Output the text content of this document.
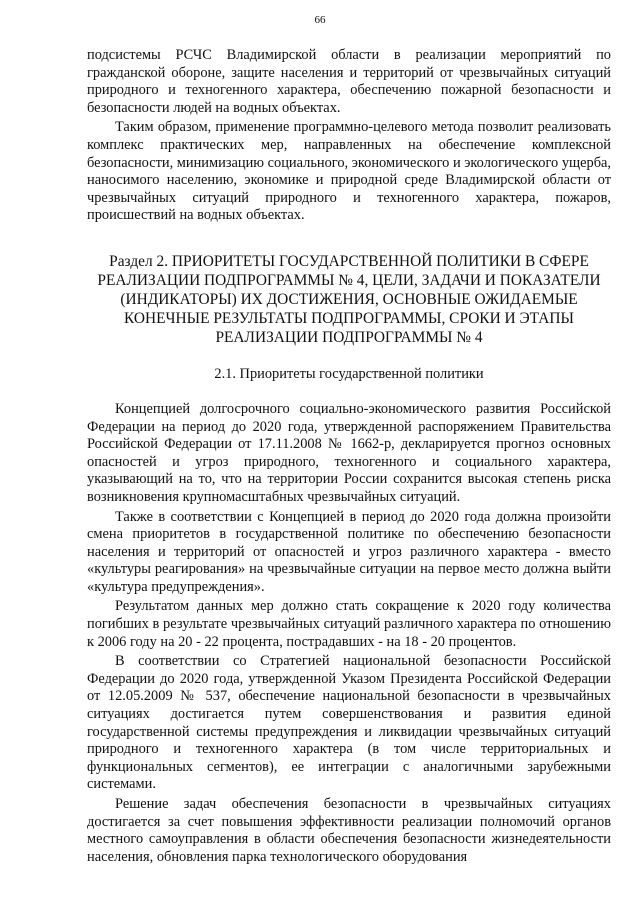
66

подсистемы РСЧС Владимирской области в реализации мероприятий по гражданской обороне, защите населения и территорий от чрезвычайных ситуаций природного и техногенного характера, обеспечению пожарной безопасности и безопасности людей на водных объектах.

Таким образом, применение программно-целевого метода позволит реализовать комплекс практических мер, направленных на обеспечение комплексной безопасности, минимизацию социального, экономического и экологического ущерба, наносимого населению, экономике и природной среде Владимирской области от чрезвычайных ситуаций природного и техногенного характера, пожаров, происшествий на водных объектах.

Раздел 2. ПРИОРИТЕТЫ ГОСУДАРСТВЕННОЙ ПОЛИТИКИ В СФЕРЕ РЕАЛИЗАЦИИ ПОДПРОГРАММЫ № 4, ЦЕЛИ, ЗАДАЧИ И ПОКАЗАТЕЛИ (ИНДИКАТОРЫ) ИХ ДОСТИЖЕНИЯ, ОСНОВНЫЕ ОЖИДАЕМЫЕ КОНЕЧНЫЕ РЕЗУЛЬТАТЫ ПОДПРОГРАММЫ, СРОКИ И ЭТАПЫ РЕАЛИЗАЦИИ ПОДПРОГРАММЫ № 4

2.1. Приоритеты государственной политики

Концепцией долгосрочного социально-экономического развития Российской Федерации на период до 2020 года, утвержденной распоряжением Правительства Российской Федерации от 17.11.2008 № 1662-р, декларируется прогноз основных опасностей и угроз природного, техногенного и социального характера, указывающий на то, что на территории России сохранится высокая степень риска возникновения крупномасштабных чрезвычайных ситуаций.

Также в соответствии с Концепцией в период до 2020 года должна произойти смена приоритетов в государственной политике по обеспечению безопасности населения и территорий от опасностей и угроз различного характера - вместо «культуры реагирования» на чрезвычайные ситуации на первое место должна выйти «культура предупреждения».

Результатом данных мер должно стать сокращение к 2020 году количества погибших в результате чрезвычайных ситуаций различного характера по отношению к 2006 году на 20 - 22 процента, пострадавших - на 18 - 20 процентов.

В соответствии со Стратегией национальной безопасности Российской Федерации до 2020 года, утвержденной Указом Президента Российской Федерации от 12.05.2009 № 537, обеспечение национальной безопасности в чрезвычайных ситуациях достигается путем совершенствования и развития единой государственной системы предупреждения и ликвидации чрезвычайных ситуаций природного и техногенного характера (в том числе территориальных и функциональных сегментов), ее интеграции с аналогичными зарубежными системами.

Решение задач обеспечения безопасности в чрезвычайных ситуациях достигается за счет повышения эффективности реализации полномочий органов местного самоуправления в области обеспечения безопасности жизнедеятельности населения, обновления парка технологического оборудования
